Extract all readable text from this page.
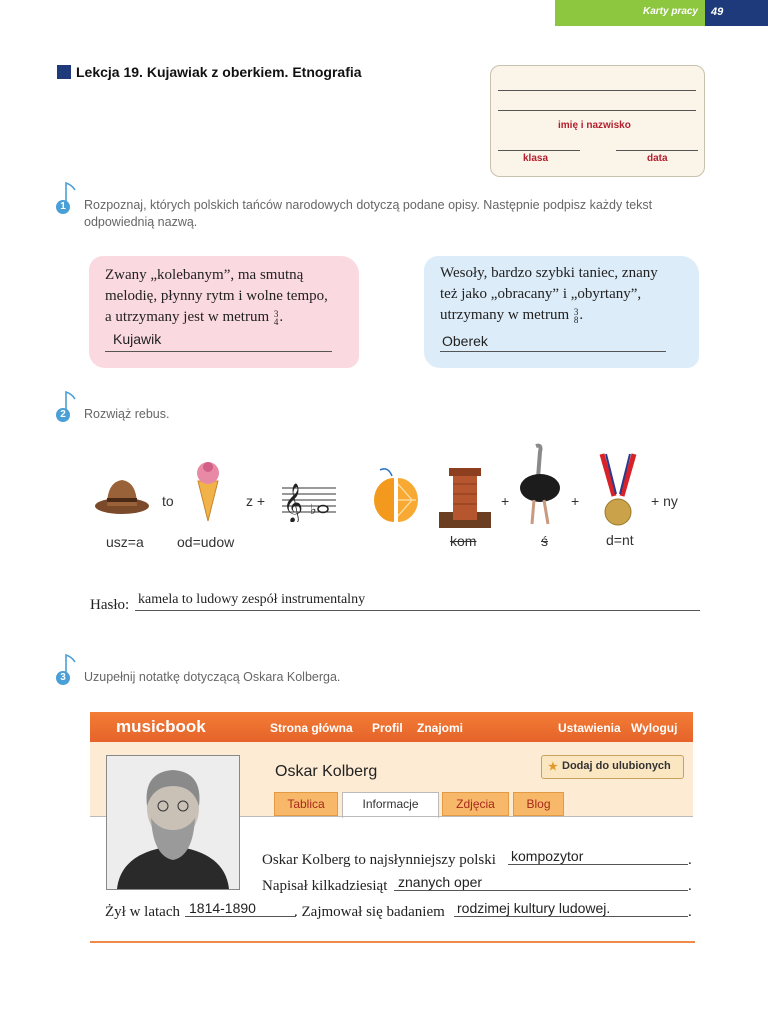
Karty pracy 49
Lekcja 19. Kujawiak z oberkiem. Etnografia
imię i nazwisko
klasa	data
1	Rozpoznaj, których polskich tańców narodowych dotyczą podane opisy. Następnie podpisz każdy tekst odpowiednią nazwą.
Zwany „kolebanym”, ma smutną
melodię, płynny rytm i wolne tempo,
a utrzymany jest w metrum 3
4.
Kujawik
Wesoły, bardzo szybki taniec, znany
też jako „obracany” i „obyrtany”,
utrzymany w metrum 3
8.
Oberek
2	Rozwiąż rebus.
to	z + 𝄞 ♭
+	+	+ ny
usz=a od=udow	kom	ś	d=nt
Hasło: kamela to ludowy zespół instrumentalny
3	Uzupełnij notatkę dotyczącą Oskara Kolberga.
musicbook	Strona główna Profil Znajomi	Ustawienia Wyloguj
Oskar Kolberg	★ Dodaj do ulubionych
Tablica	Informacje	Zdjęcia	Blog
Oskar Kolberg to najsłynniejszy polski kompozytor	.
Napisał kilkadziesiąt znanych oper	.
Żył w latach 1814-1890	. Zajmował się badaniem rodzimej kultury ludowej.	.
